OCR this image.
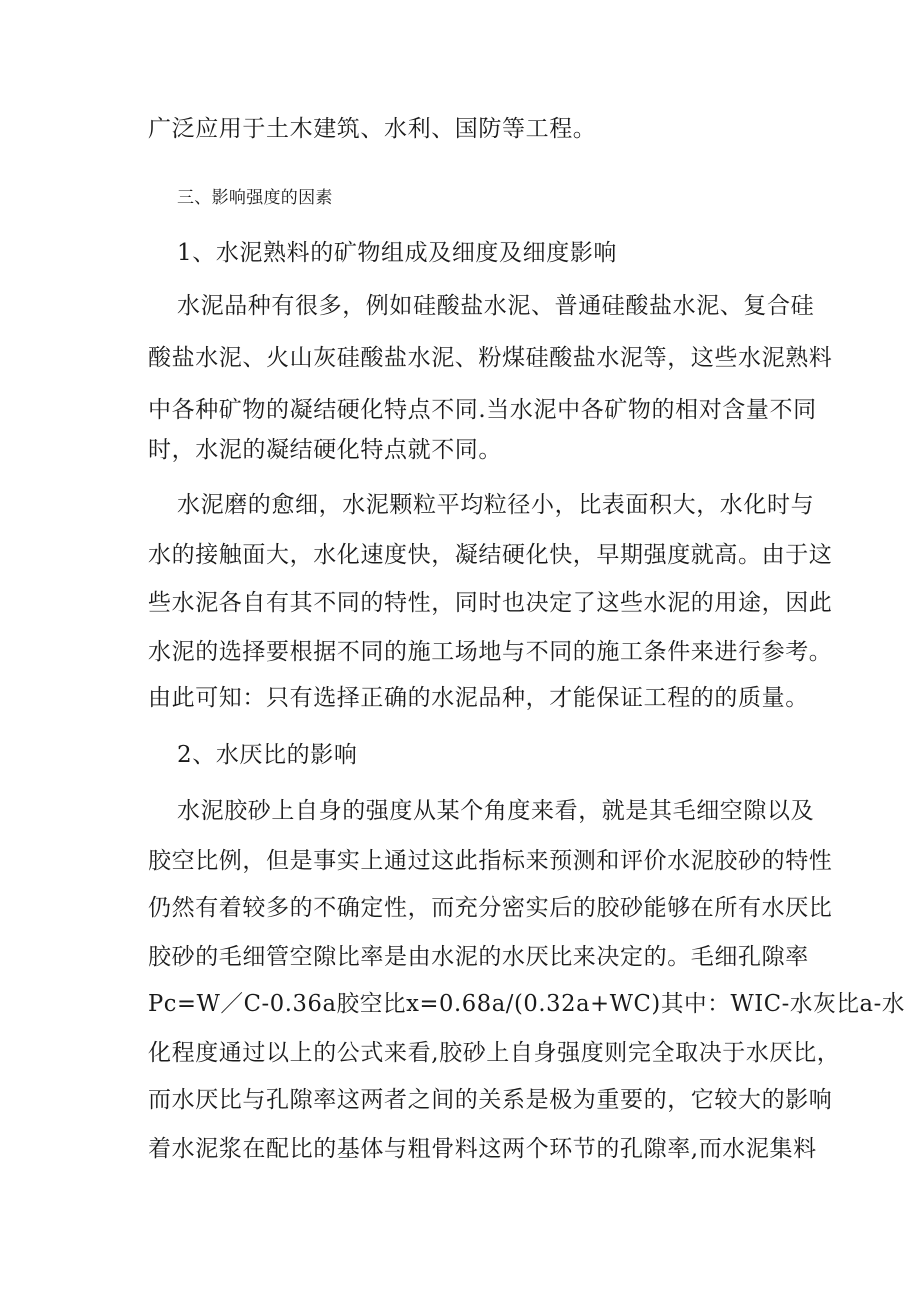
广泛应用于土木建筑、水利、国防等工程。
三、影响强度的因素
1、水泥熟料的矿物组成及细度及细度影响
水泥品种有很多，例如硅酸盐水泥、普通硅酸盐水泥、复合硅
酸盐水泥、火山灰硅酸盐水泥、粉煤硅酸盐水泥等，这些水泥熟料
中各种矿物的凝结硬化特点不同.当水泥中各矿物的相对含量不同
时，水泥的凝结硬化特点就不同。
水泥磨的愈细，水泥颗粒平均粒径小，比表面积大，水化时与
水的接触面大，水化速度快，凝结硬化快，早期强度就高。由于这
些水泥各自有其不同的特性，同时也决定了这些水泥的用途，因此
水泥的选择要根据不同的施工场地与不同的施工条件来进行参考。
由此可知：只有选择正确的水泥品种，才能保证工程的的质量。
2、水厌比的影响
水泥胶砂上自身的强度从某个角度来看，就是其毛细空隙以及
胶空比例，但是事实上通过这此指标来预测和评价水泥胶砂的特性
仍然有着较多的不确定性，而充分密实后的胶砂能够在所有水厌比
胶砂的毛细管空隙比率是由水泥的水厌比来决定的。毛细孔隙率
Pc=W／C-0.36a胶空比x=0.68a/(0.32a+WC)其中：WIC-水灰比a-水
化程度通过以上的公式来看,胶砂上自身强度则完全取决于水厌比，
而水厌比与孔隙率这两者之间的关系是极为重要的，它较大的影响
着水泥浆在配比的基体与粗骨料这两个环节的孔隙率,而水泥集料
